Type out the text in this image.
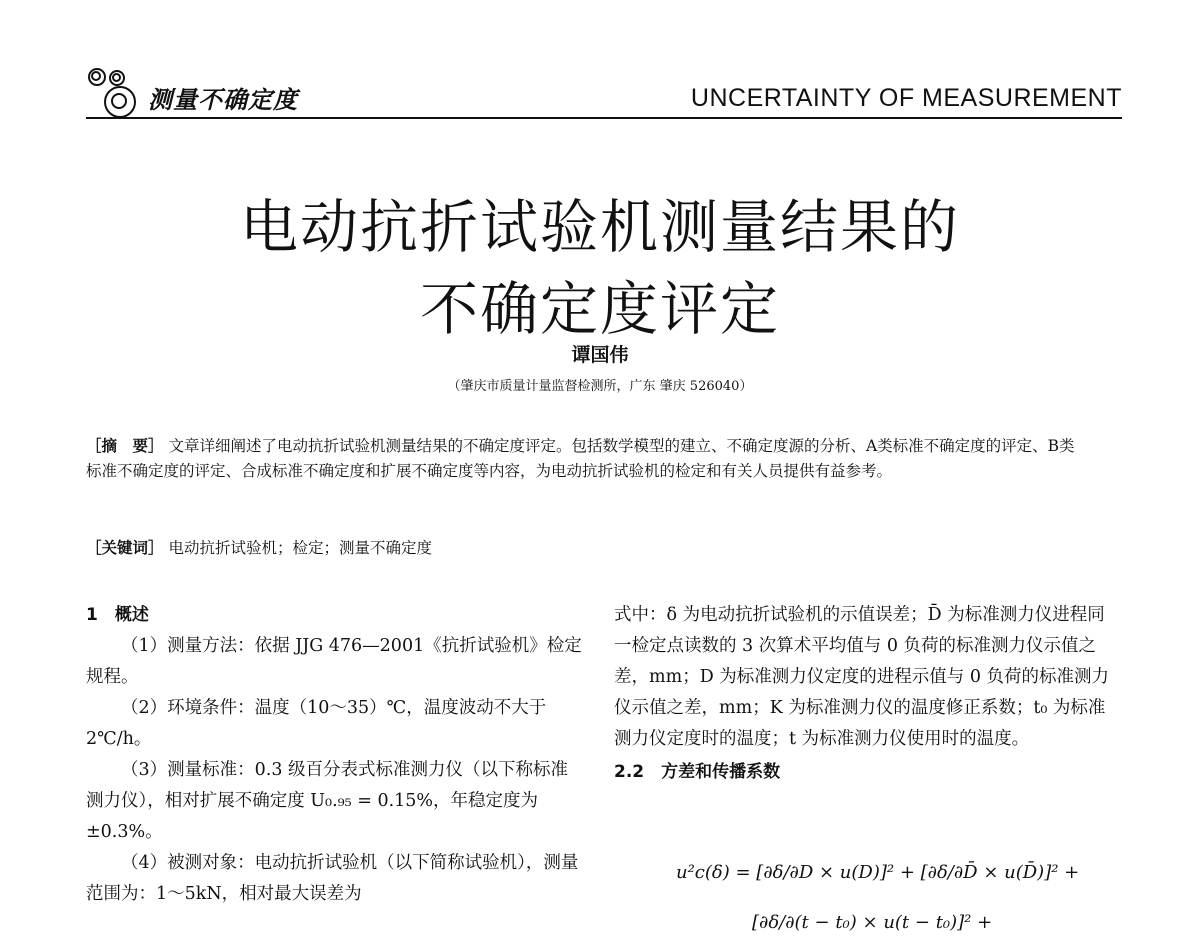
测量不确定度	UNCERTAINTY OF MEASUREMENT
电动抗折试验机测量结果的
不确定度评定
谭国伟
（肇庆市质量计量监督检测所，广东 肇庆 526040）
［摘　要］ 文章详细阐述了电动抗折试验机测量结果的不确定度评定。包括数学模型的建立、不确定度源的分析、A类标准不确定度的评定、B类标准不确定度的评定、合成标准不确定度和扩展不确定度等内容，为电动抗折试验机的检定和有关人员提供有益参考。
［关键词］ 电动抗折试验机；检定；测量不确定度

1　概述

（1）测量方法：依据 JJG 476—2001《抗折试验机》检定规程。

（2）环境条件：温度（10～35）℃，温度波动不大于 2℃/h。

（3）测量标准：0.3 级百分表式标准测力仪（以下称标准测力仪），相对扩展不确定度 U₀.₉₅ = 0.15%，年稳定度为 ±0.3%。

（4）被测对象：电动抗折试验机（以下简称试验机），测量范围为：1～5kN，相对最大误差为

式中：δ 为电动抗折试验机的示值误差；D̄ 为标准测力仪进程同一检定点读数的 3 次算术平均值与 0 负荷的标准测力仪示值之差，mm；D 为标准测力仪定度的进程示值与 0 负荷的标准测力仪示值之差，mm；K 为标准测力仪的温度修正系数；t₀ 为标准测力仪定度时的温度；t 为标准测力仪使用时的温度。

2.2　方差和传播系数

u²c(δ) = [∂δ/∂D × u(D)]² + [∂δ/∂D̄ × u(D̄)]² +
[∂δ/∂(t − t₀) × u(t − t₀)]² +
